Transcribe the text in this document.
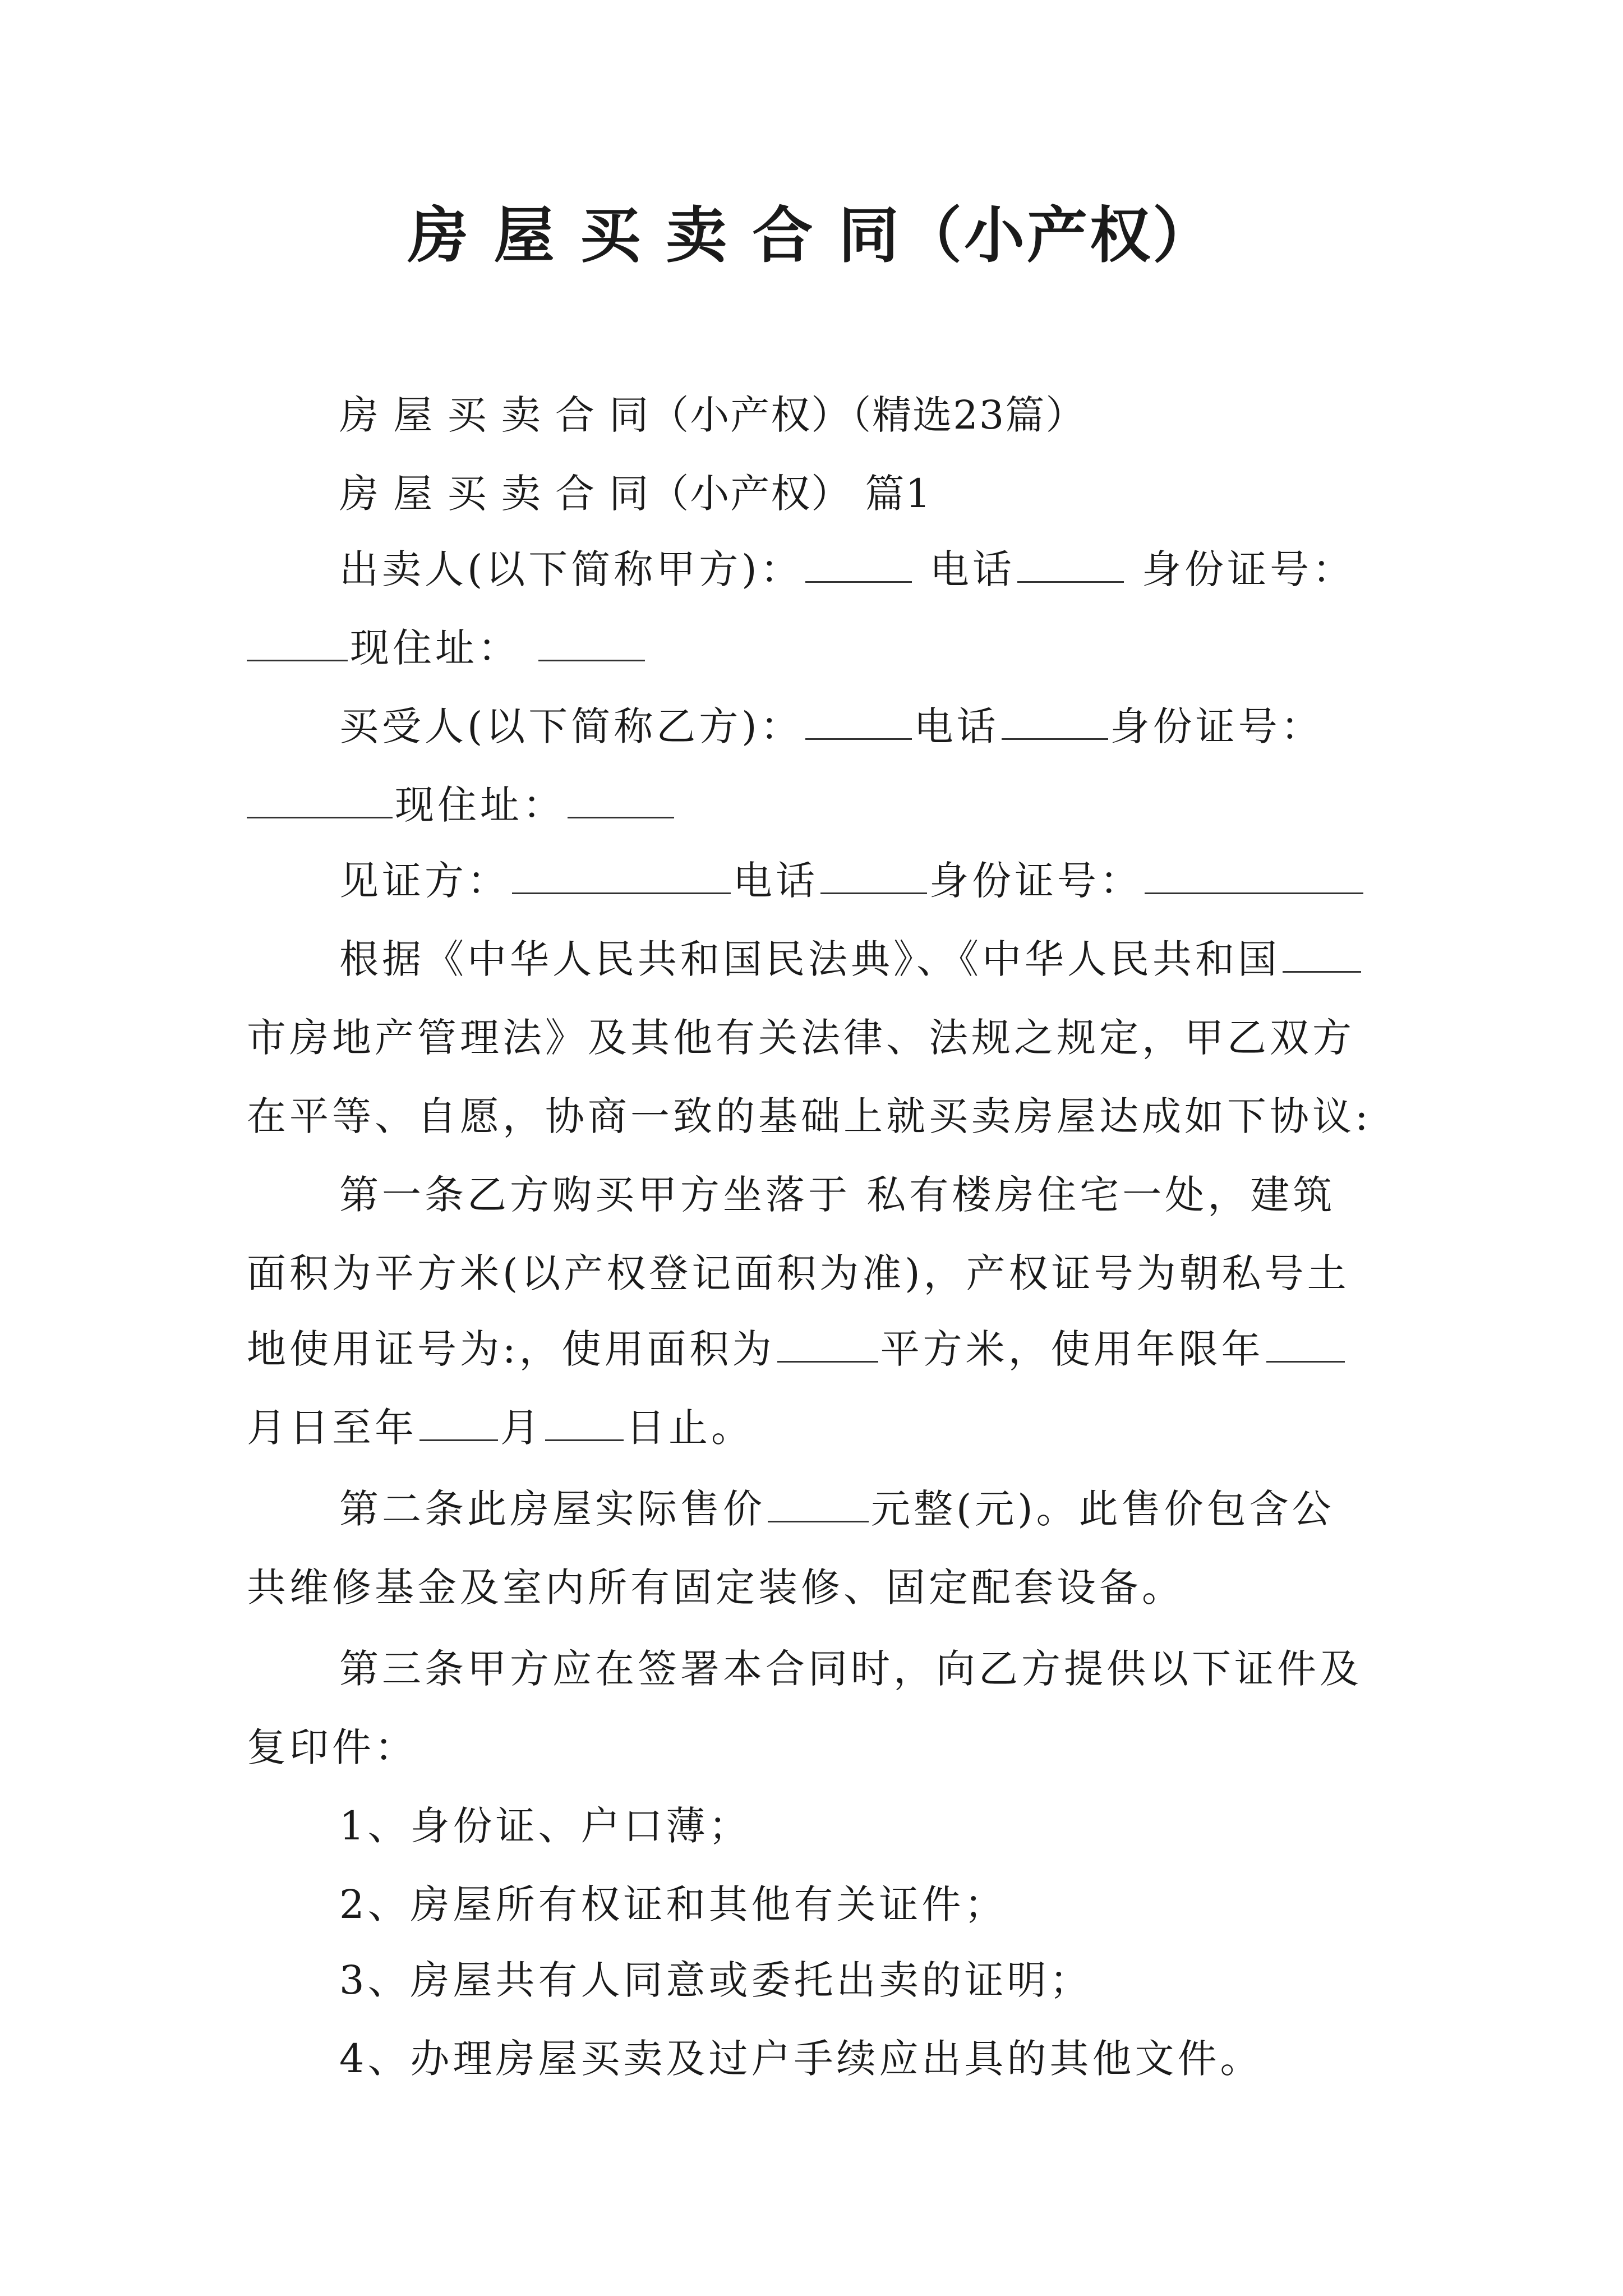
房 屋 买 卖 合 同（小产权）
房 屋 买 卖 合 同（小产权）（精选23篇）
房 屋 买 卖 合 同（小产权） 篇1
出卖人(以下简称甲方)：	电话	身份证号：
现住址：
买受人(以下简称乙方)：	电话	身份证号：
现住址：
见证方：	电话	身份证号：
根据《中华人民共和国民法典》、《中华人民共和国
市房地产管理法》及其他有关法律、法规之规定，甲乙双方
在平等、自愿，协商一致的基础上就买卖房屋达成如下协议:
第一条乙方购买甲方坐落于 私有楼房住宅一处，建筑
面积为平方米(以产权登记面积为准)，产权证号为朝私号土
地使用证号为:，使用面积为	平方米，使用年限年
月日至年 月 日止。
第二条此房屋实际售价	元整(元)。此售价包含公
共维修基金及室内所有固定装修、固定配套设备。
第三条甲方应在签署本合同时，向乙方提供以下证件及
复印件：
1、身份证、户口薄；
2、房屋所有权证和其他有关证件；
3、房屋共有人同意或委托出卖的证明；
4、办理房屋买卖及过户手续应出具的其他文件。
